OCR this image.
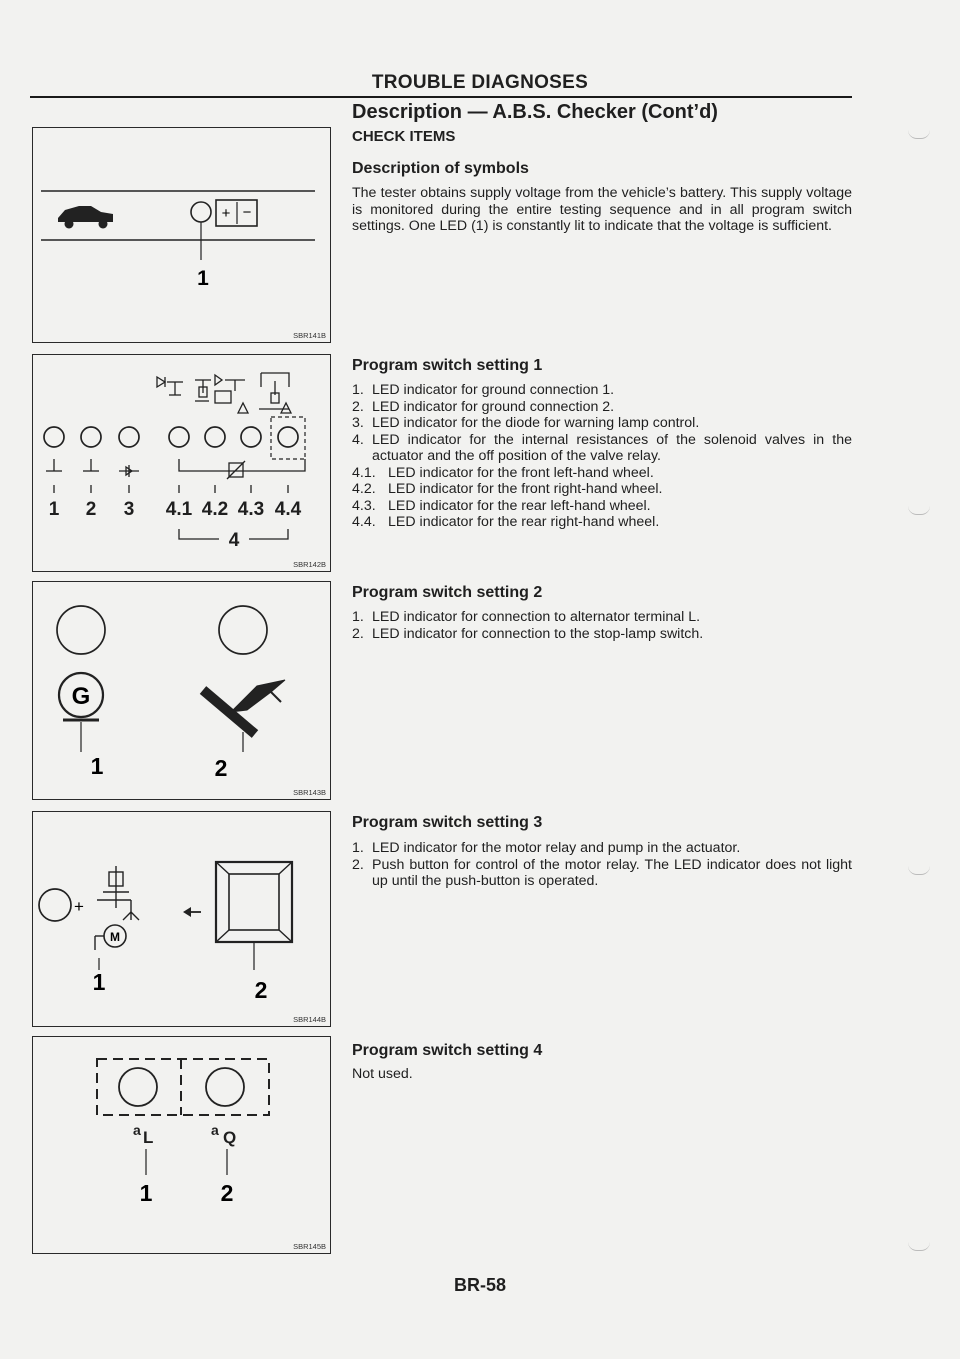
TROUBLE DIAGNOSES
Description — A.B.S. Checker (Cont’d)
CHECK ITEMS
+ −
1
SBR141B
1 2 3 4.1 4.2 4.3 4.4
4
SBR142B
G
1	2
SBR143B
+
M
1	2
SBR144B
a L	a Q
1	2
SBR145B
Description of symbols
The tester obtains supply voltage from the vehicle’s battery. This supply voltage is monitored during the entire testing sequence and in all program switch settings. One LED (1) is constantly lit to indicate that the voltage is sufficient.
Program switch setting 1
1. LED indicator for ground connection 1.
2. LED indicator for ground connection 2.
3. LED indicator for the diode for warning lamp control.
4. LED indicator for the internal resistances of the solenoid valves in the actuator and the off position of the valve relay.
4.1. LED indicator for the front left-hand wheel.
4.2. LED indicator for the front right-hand wheel.
4.3. LED indicator for the rear left-hand wheel.
4.4. LED indicator for the rear right-hand wheel.
Program switch setting 2
1. LED indicator for connection to alternator terminal L.
2. LED indicator for connection to the stop-lamp switch.
Program switch setting 3
1. LED indicator for the motor relay and pump in the actuator.
2. Push button for control of the motor relay. The LED indicator does not light up until the push-button is operated.
Program switch setting 4
Not used.
BR-58
